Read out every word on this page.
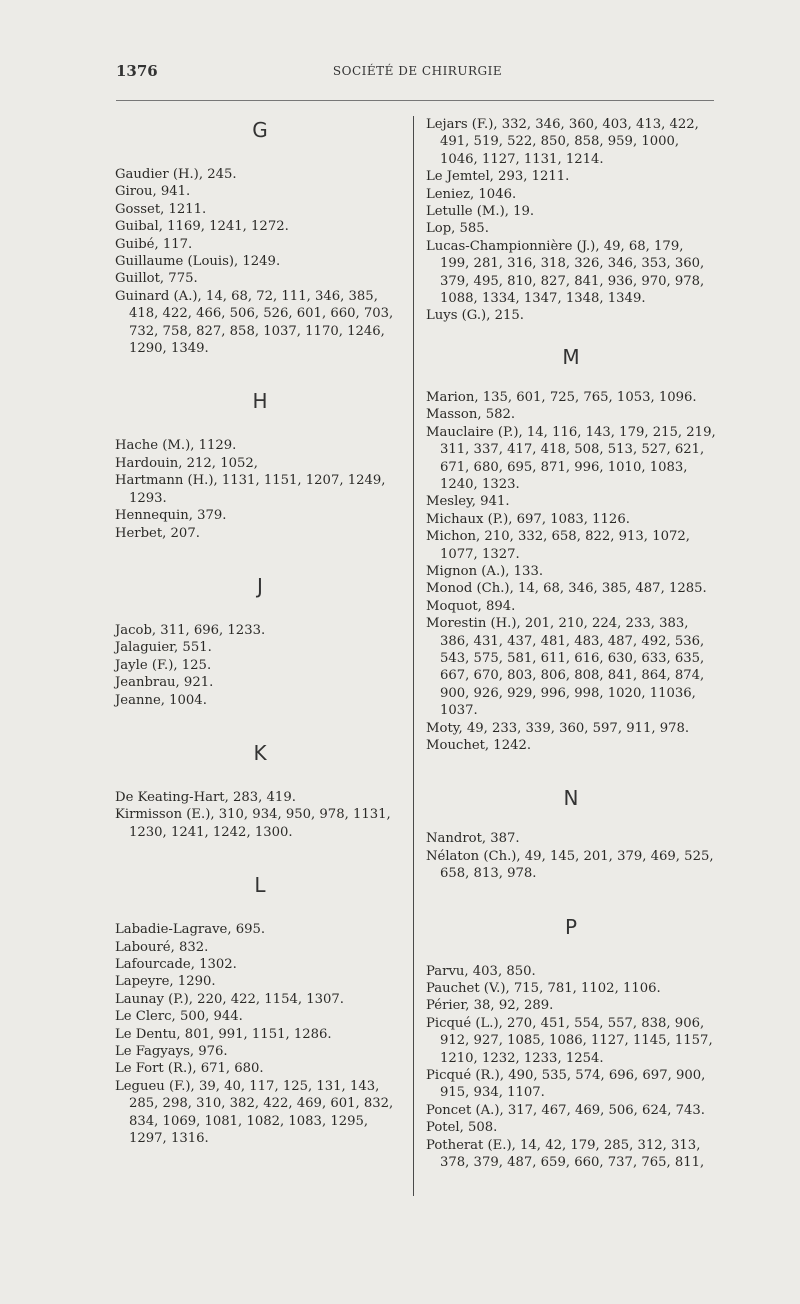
1376	SOCIÉTÉ DE CHIRURGIE
G
Gaudier (H.), 245.
Girou, 941.
Gosset, 1211.
Guibal, 1169, 1241, 1272.
Guibé, 117.
Guillaume (Louis), 1249.
Guillot, 775.
Guinard (A.), 14, 68, 72, 111, 346, 385, 418, 422, 466, 506, 526, 601, 660, 703, 732, 758, 827, 858, 1037, 1170, 1246, 1290, 1349.
H
Hache (M.), 1129.
Hardouin, 212, 1052,
Hartmann (H.), 1131, 1151, 1207, 1249, 1293.
Hennequin, 379.
Herbet, 207.
J
Jacob, 311, 696, 1233.
Jalaguier, 551.
Jayle (F.), 125.
Jeanbrau, 921.
Jeanne, 1004.
K
De Keating-Hart, 283, 419.
Kirmisson (E.), 310, 934, 950, 978, 1131, 1230, 1241, 1242, 1300.
L
Labadie-Lagrave, 695.
Labouré, 832.
Lafourcade, 1302.
Lapeyre, 1290.
Launay (P.), 220, 422, 1154, 1307.
Le Clerc, 500, 944.
Le Dentu, 801, 991, 1151, 1286.
Le Fagyays, 976.
Le Fort (R.), 671, 680.
Legueu (F.), 39, 40, 117, 125, 131, 143, 285, 298, 310, 382, 422, 469, 601, 832, 834, 1069, 1081, 1082, 1083, 1295, 1297, 1316.
Lejars (F.), 332, 346, 360, 403, 413, 422, 491, 519, 522, 850, 858, 959, 1000, 1046, 1127, 1131, 1214.
Le Jemtel, 293, 1211.
Leniez, 1046.
Letulle (M.), 19.
Lop, 585.
Lucas-Championnière (J.), 49, 68, 179, 199, 281, 316, 318, 326, 346, 353, 360, 379, 495, 810, 827, 841, 936, 970, 978, 1088, 1334, 1347, 1348, 1349.
Luys (G.), 215.
M
Marion, 135, 601, 725, 765, 1053, 1096.
Masson, 582.
Mauclaire (P.), 14, 116, 143, 179, 215, 219, 311, 337, 417, 418, 508, 513, 527, 621, 671, 680, 695, 871, 996, 1010, 1083, 1240, 1323.
Mesley, 941.
Michaux (P.), 697, 1083, 1126.
Michon, 210, 332, 658, 822, 913, 1072, 1077, 1327.
Mignon (A.), 133.
Monod (Ch.), 14, 68, 346, 385, 487, 1285.
Moquot, 894.
Morestin (H.), 201, 210, 224, 233, 383, 386, 431, 437, 481, 483, 487, 492, 536, 543, 575, 581, 611, 616, 630, 633, 635, 667, 670, 803, 806, 808, 841, 864, 874, 900, 926, 929, 996, 998, 1020, 11036, 1037.
Moty, 49, 233, 339, 360, 597, 911, 978.
Mouchet, 1242.
N
Nandrot, 387.
Nélaton (Ch.), 49, 145, 201, 379, 469, 525, 658, 813, 978.
P
Parvu, 403, 850.
Pauchet (V.), 715, 781, 1102, 1106.
Périer, 38, 92, 289.
Picqué (L.), 270, 451, 554, 557, 838, 906, 912, 927, 1085, 1086, 1127, 1145, 1157, 1210, 1232, 1233, 1254.
Picqué (R.), 490, 535, 574, 696, 697, 900, 915, 934, 1107.
Poncet (A.), 317, 467, 469, 506, 624, 743.
Potel, 508.
Potherat (E.), 14, 42, 179, 285, 312, 313, 378, 379, 487, 659, 660, 737, 765, 811,
